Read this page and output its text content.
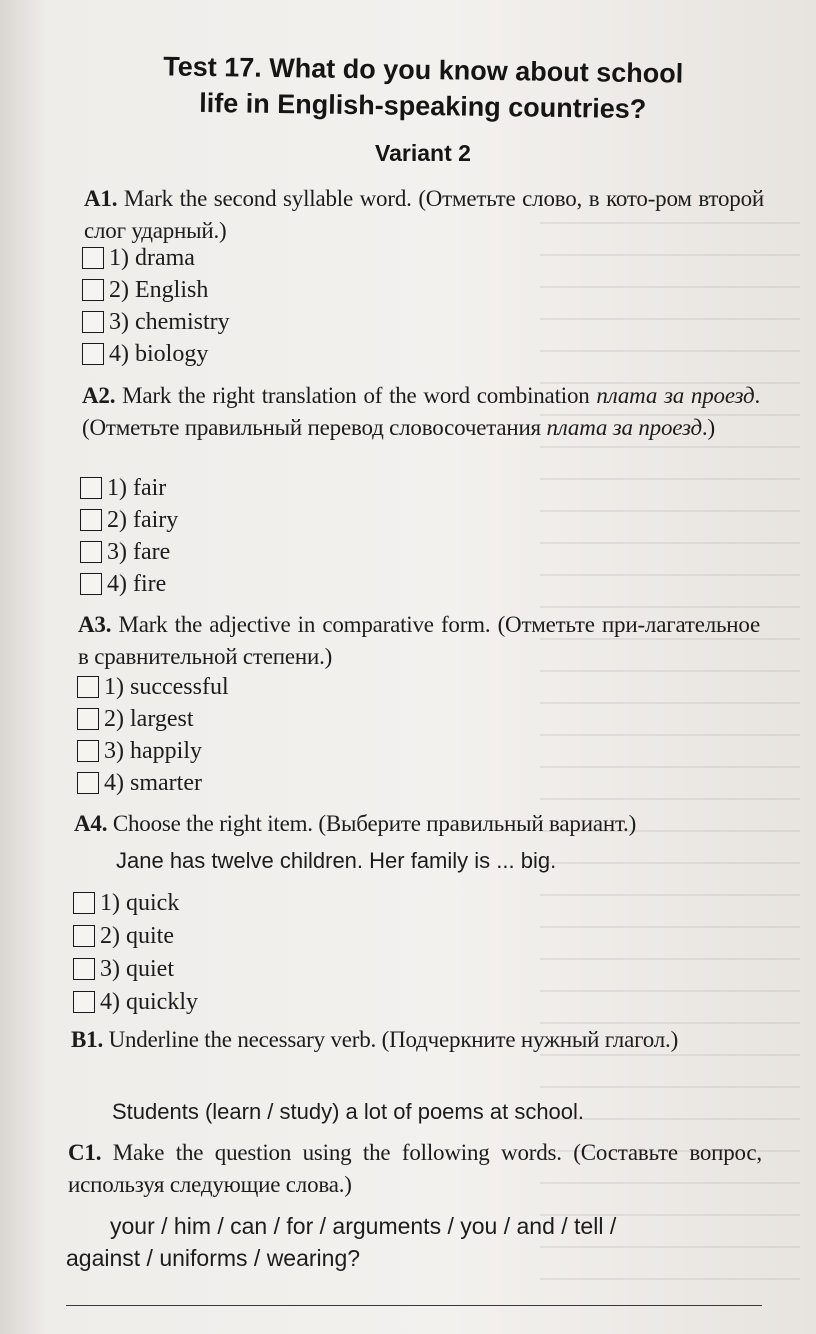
Test 17. What do you know about school
life in English-speaking countries?
Variant 2
A1. Mark the second syllable word. (Отметьте слово, в кото-ром второй слог ударный.)
1) drama
2) English
3) chemistry
4) biology
A2. Mark the right translation of the word combination плата за проезд. (Отметьте правильный перевод словосочетания плата за проезд.)
1) fair
2) fairy
3) fare
4) fire
A3. Mark the adjective in comparative form. (Отметьте при-лагательное в сравнительной степени.)
1) successful
2) largest
3) happily
4) smarter
A4. Choose the right item. (Выберите правильный вариант.)
Jane has twelve children. Her family is ... big.
1) quick
2) quite
3) quiet
4) quickly
B1. Underline the necessary verb. (Подчеркните нужный глагол.)
Students (learn / study) a lot of poems at school.
C1. Make the question using the following words. (Составьте вопрос, используя следующие слова.)
your / him / can / for / arguments / you / and / tell /
against / uniforms / wearing?
